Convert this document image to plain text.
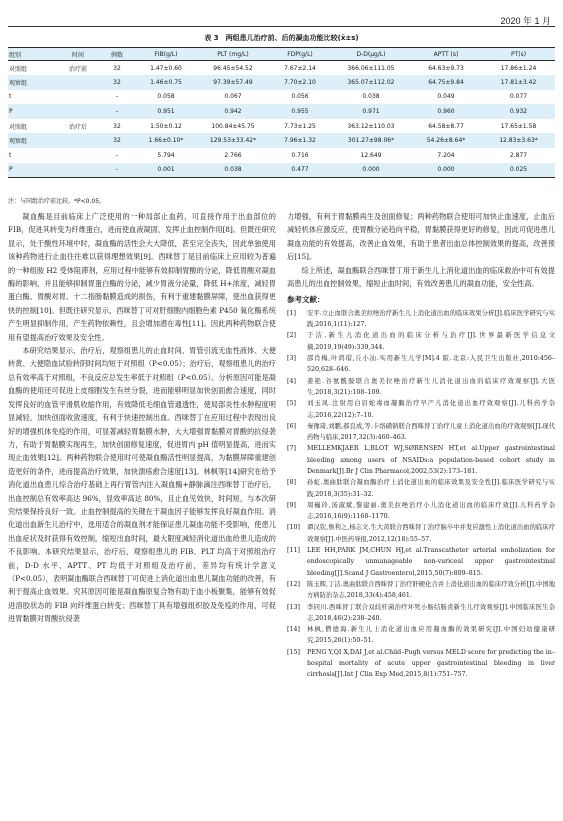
2020 年 1 月
表 3　两组患儿治疗前、后的凝血功能比较(x̄±s)
组别	时间	例数	FIB(g/L)	PLT (mg/L)	FDP(g/L)	D-D(μg/L)	APTT (s)	PT(s)
对照组	治疗前	32	1.47±0.60	96.45±54.52	7.67±2.14	366.06±111.05	64.63±9.73	17.86±1.24
观察组		32	1.46±0.75	97.39±57.49	7.70±2.10	365.07±112.02	64.75±9.84	17.81±3.42
t		–	0.058	0.067	0.056	0.038	0.049	0.077
P		–	0.951	0.942	0.955	0.971	0.960	0.932
对照组	治疗后	32	1.50±0.12	100.84±45.75	7.73±1.25	363.12±110.03	64.58±8.77	17.65±1.58
观察组		32	1.66±0.10*	129.53±33.42*	7.96±1.32	301.27±98.06*	54.26±8.64*	12.83±3.63*
t		–	5.794	2.766	0.716	12.649	7.204	2.877
P		–	0.001	0.038	0.477	0.000	0.000	0.025
注：与同组治疗前比较，*P<0.05。

凝血酶是目前临床上广泛使用的一种局部止血药，可直接作用于出血部位的 FIB，促进其转变为纤维蛋白，进而使血液凝固，发挥止血控制作用[8]。但既往研究显示，处于酸性环境中时，凝血酶的活性会大大降低，甚至完全丧失，因此单独使用该种药物进行止血往往难以获得理想效果[9]。西咪替丁是目前临床上应用较为普遍的一种组胺 H2 受体阻滞剂，应用过程中能够有效抑制胃酸的分泌，降低胃酸对凝血酶的影响，并且能够抑制胃蛋白酶的分泌，减少胃液分泌量，降低 H+浓度，减轻胃蛋白酶、胃酸对胃、十二指肠黏膜造成的损伤，有利于重建黏膜屏障，使出血获得更快的控制[10]。但既往研究显示，西咪替丁可对肝细胞内细胞色素 P450 氧化酶系统产生明显抑制作用，产生药物依赖性，且会增加潜在毒性[11]。因此两种药物联合使用有望提高治疗效果及安全性。

本研究结果显示，治疗后，观察组患儿的止血时间、胃管引流无血性液体、大便转黄、大便隐血试验转阴时间均短于对照组（P<0.05）；治疗后，观察组患儿的治疗总有效率高于对照组，不良反应总发生率低于对照组（P<0.05）。分析原因可能是凝血酶的使用还可促进上皮细胞发生有丝分裂，进而能够明显加快创面愈合速度，同时发挥良好的血管平滑肌收缩作用，有效降低毛细血管通透性，使局部炎性水肿程度明显减轻，加快创面收敛速度，有利于快速控制出血。西咪替丁在应用过程中表现出良好的增强机体免疫的作用，可显著减轻胃黏膜水肿，大大增强胃黏膜对胃酸的抗侵袭力，有助于胃黏膜实现再生，加快创面修复速度，促进胃内 pH 值明显提高，进而实现止血效果[12]。两种药物联合使用时可使凝血酶活性明显提高，为黏膜屏障重建创造更好的条件，进而提高治疗效果，加快溃疡愈合速度[13]。林枫等[14]研究在给予消化道出血患儿综合治疗基础上再行胃管内注入凝血酶+静脉滴注西咪替丁治疗后，出血控制总有效率高达 96%，显效率高达 80%，且止血见效快，时间短，与本次研究结果保持良好一致。止血控制提高的关键在于凝血因子能够发挥良好凝血作用。消化道出血新生儿治疗中，选用适合的凝血剂才能保证患儿凝血功能不受影响，使患儿出血症状及时获得有效控制，缩短出血时间，最大限度减轻消化道出血给患儿造成的不良影响。本研究结果显示，治疗后，观察组患儿的 FIB、PLT 均高于对照组治疗前，D-D 水平、APTT、PT 均低于对照组及治疗前，差异均有统计学意义（P<0.05），表明凝血酶联合西咪替丁可促进上消化道出血患儿凝血功能的改善，有利于提高止血效果。究其原因可能是凝血酶原复合物有助于血小板聚集，能够有效促进溶胶状态的 FIB 向纤维蛋白转变；西咪替丁具有增强组织胶及免疫的作用，可促进胃黏膜对胃酸抗侵袭

力增强，有利于胃黏膜再生及创面修复；两种药物联合使用可加快止血速度，止血后减轻机体应激反应，使胃酸分泌趋向平稳，胃黏膜获得更好的修复，因此可促进患儿凝血功能的有效提高，改善止血效果，有助于患者出血总体控制效果的提高，改善预后[15]。

综上所述，凝血酶联合西咪替丁用于新生儿上消化道出血的临床救治中可有效提高患儿的出血控制效果，缩短止血时间，有效改善患儿的凝血功能，安全性高。

参考文献：
[1]	安平.立止血联合奥美拉唑治疗新生儿上消化道出血的临床效果分析[J].临床医学研究与实践,2016,1(11):127.
[2]	于洁.新生儿消化道出血的临床分析与治疗[J].世界最新医学信息文摘,2019,19(49):339,344.
[3]	邵肖梅,叶鸿瑁,丘小汕.实用新生儿学[M].4 版.北京:人民卫生出版社,2010:456–520,628–646.
[4]	姜艳.谷氨酰胺联合奥美拉唑治疗新生儿消化道出血的临床疗效观察[J].大医生,2018,3(21):108–109.
[5]	刘玉凤.注射用白眉蛇毒血凝酶治疗早产儿消化道出血疗效观察[J].儿科药学杂志,2016,22(12):7–10.
[6]	秦豫琦,刘鹏,郝良成,等.卡络磺钠联合西咪替丁治疗儿童上消化道出血的疗效观察[J].现代药物与临床,2017,32(3):460–463.
[7]	MELLEMKJAER L,BLOT WJ,SØRENSEN HT,et al.Upper gastrointestinal bleeding among users of NSAIDs:a population-based cohort study in Denmark[J].Br J Clin Pharmacol,2002,53(2):173–181.
[8]	孙虹.奥曲肽联合凝血酶治疗上消化道出血的临床效果及安全性[J].临床医学研究与实践,2018,3(35):31–32.
[9]	周巍玲,汤淑斌,黎建丽.奥美拉唑治疗小儿消化道出血的临床疗效[J].儿科药学杂志,2016,16(9):1168–1170.
[10]	谭汉钦,詹利之,杨志文.生大黄联合西咪替丁治疗脑卒中并发应激性上消化道出血的临床疗效观察[J].中医药导报,2012,12(18):55–57.
[11]	LEE HH,PARK JM,CHUN HJ,et al.Transcatheter arterial embolization for endoscopically unmanageable non-variceal upper gastrointestinal bleeding[J].Scand J Gastroenterol,2015,50(7):809–815.
[12]	陈玉辉,丁洁.奥曲肽联合西咪替丁治疗肝硬化合并上消化道出血的临床疗效分析[J].中国地方病防治杂志,2018,33(4):458,461.
[13]	李同川.西咪替丁联合双歧杆菌治疗坏死小肠结肠炎新生儿疗效观察[J].中国临床医生杂志,2018,46(2):238–240.
[14]	林枫,僧德海.新生儿上消化道出血应用凝血酶的效果研究[J].中国妇幼健康研究,2015,26(1):50–51.
[15]	PENG Y,QI X,DAI J,et al.Child–Pugh versus MELD score for predicting the in–hospital mortality of acute upper gastrointestinal bleeding in liver cirrhosis[J].Int J Clin Exp Med,2015,8(1):751–757.
